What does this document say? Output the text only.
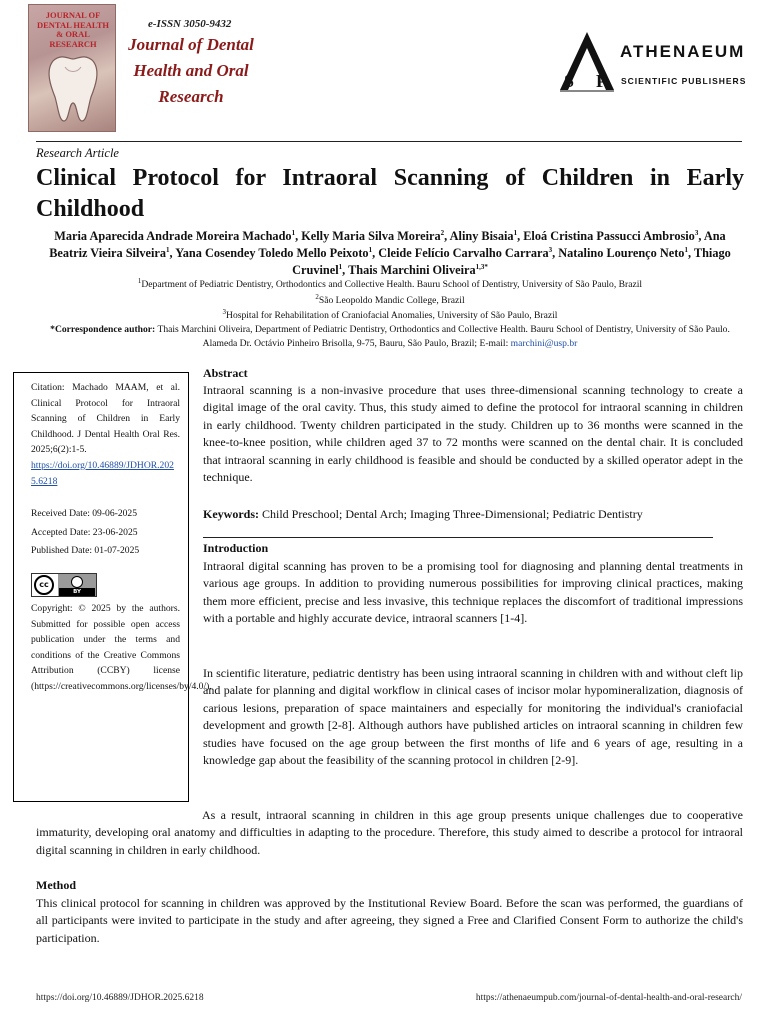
JOURNAL OF DENTAL HEALTH & ORAL RESEARCH
e-ISSN 3050-9432
Journal of Dental
Health and Oral
Research
S P
ATHENAEUM
SCIENTIFIC PUBLISHERS
Research Article
Clinical Protocol for Intraoral Scanning of Children in Early Childhood
Maria Aparecida Andrade Moreira Machado$^1$, Kelly Maria Silva Moreira$^2$, Aliny Bisaia$^1$, Eloá Cristina Passucci Ambrosio$^3$, Ana Beatriz Vieira Silveira$^1$, Yana Cosendey Toledo Mello Peixoto$^1$, Cleide Felício Carvalho Carrara$^3$, Natalino Lourenço Neto$^1$, Thiago Cruvinel$^1$, Thais Marchini Oliveira$^{1,3*}$
$^1$Department of Pediatric Dentistry, Orthodontics and Collective Health. Bauru School of Dentistry, University of São Paulo, Brazil
$^2$São Leopoldo Mandic College, Brazil
$^3$Hospital for Rehabilitation of Craniofacial Anomalies, University of São Paulo, Brazil
*Correspondence author: Thais Marchini Oliveira, Department of Pediatric Dentistry, Orthodontics and Collective Health. Bauru School of Dentistry, University of São Paulo. Alameda Dr. Octávio Pinheiro Brisolla, 9-75, Bauru, São Paulo, Brazil; E-mail: marchini@usp.br

Citation: Machado MAAM, et al. Clinical Protocol for Intraoral Scanning of Children in Early Childhood. J Dental Health Oral Res. 2025;6(2):1-5.

https://doi.org/10.46889/JDHOR.2025.6218

Received Date: 09-06-2025
Accepted Date: 23-06-2025
Published Date: 01-07-2025
cc
BY

Copyright: © 2025 by the authors. Submitted for possible open access publication under the terms and conditions of the Creative Commons Attribution (CCBY) license (https://creativecommons.org/licenses/by/4.0/).

Abstract

Intraoral scanning is a non-invasive procedure that uses three-dimensional scanning technology to create a digital image of the oral cavity. Thus, this study aimed to define the protocol for intraoral scanning in children in early childhood. Twenty children participated in the study. Children up to 36 months were scanned in the knee-to-knee position, while children aged 37 to 72 months were scanned on the dental chair. It is concluded that intraoral scanning in early childhood is feasible and should be conducted by a skilled operator adept in the technique.

Keywords: Child Preschool; Dental Arch; Imaging Three-Dimensional; Pediatric Dentistry
Introduction

Intraoral digital scanning has proven to be a promising tool for diagnosing and planning dental treatments in various age groups. In addition to providing numerous possibilities for improving clinical practices, making them more efficient, precise and less invasive, this technique replaces the discomfort of traditional impressions with a portable and highly accurate device, intraoral scanners [1-4].

In scientific literature, pediatric dentistry has been using intraoral scanning in children with and without cleft lip and palate for planning and digital workflow in clinical cases of incisor molar hypomineralization, diagnosis of carious lesions, preparation of space maintainers and especially for monitoring the individual's craniofacial development and growth [2-8]. Although authors have published articles on intraoral scanning in children few studies have focused on the age group between the first months of life and 6 years of age, resulting in a knowledge gap about the feasibility of the scanning protocol in children [2-9].

As a result, intraoral scanning in children in this age group presents unique challenges due to cooperative immaturity, developing oral anatomy and difficulties in adapting to the procedure. Therefore, this study aimed to describe a protocol for intraoral digital scanning in children in early childhood.

Method

This clinical protocol for scanning in children was approved by the Institutional Review Board. Before the scan was performed, the guardians of all participants were invited to participate in the study and after agreeing, they signed a Free and Clarified Consent Form to authorize the child's participation.

https://doi.org/10.46889/JDHOR.2025.6218	https://athenaeumpub.com/journal-of-dental-health-and-oral-research/
